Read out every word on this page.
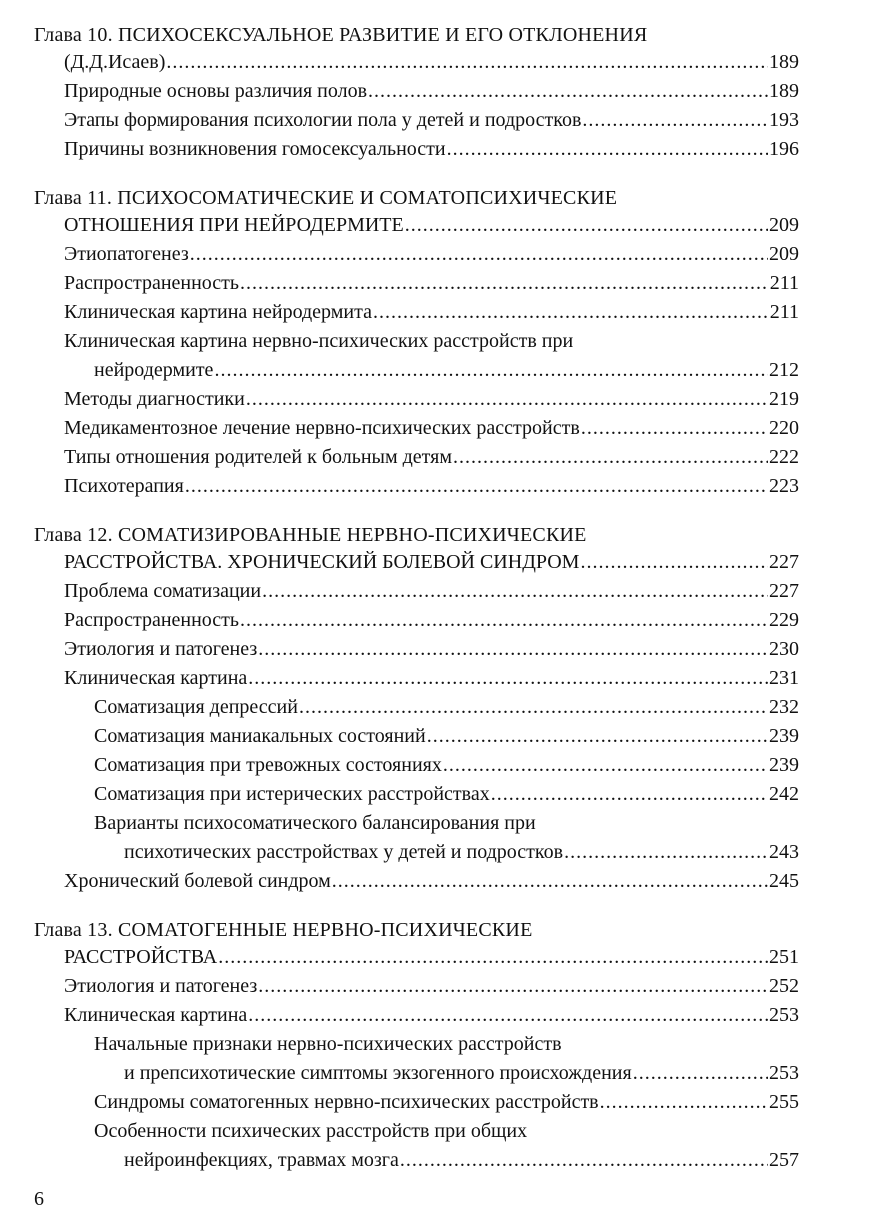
Глава 10. ПСИХОСЕКСУАЛЬНОЕ РАЗВИТИЕ И ЕГО ОТКЛОНЕНИЯ
(Д.Д.Исаев) .....	189
Природные основы различия полов .....	189
Этапы формирования психологии пола у детей и подростков .....	193
Причины возникновения гомосексуальности .....	196
Глава 11. ПСИХОСОМАТИЧЕСКИЕ И СОМАТОПСИХИЧЕСКИЕ
ОТНОШЕНИЯ ПРИ НЕЙРОДЕРМИТЕ .....	209
Этиопатогенез .....	209
Распространенность .....	211
Клиническая картина нейродермита .....	211
Клиническая картина нервно-психических расстройств при
нейродермите .....	212
Методы диагностики .....	219
Медикаментозное лечение нервно-психических расстройств .....	220
Типы отношения родителей к больным детям .....	222
Психотерапия .....	223
Глава 12. СОМАТИЗИРОВАННЫЕ НЕРВНО-ПСИХИЧЕСКИЕ
РАССТРОЙСТВА. ХРОНИЧЕСКИЙ БОЛЕВОЙ СИНДРОМ .....	227
Проблема соматизации .....	227
Распространенность .....	229
Этиология и патогенез .....	230
Клиническая картина .....	231
Соматизация депрессий .....	232
Соматизация маниакальных состояний .....	239
Соматизация при тревожных состояниях .....	239
Соматизация при истерических расстройствах .....	242
Варианты психосоматического балансирования при
психотических расстройствах у детей и подростков .....	243
Хронический болевой синдром .....	245
Глава 13. СОМАТОГЕННЫЕ НЕРВНО-ПСИХИЧЕСКИЕ
РАССТРОЙСТВА .....	251
Этиология и патогенез .....	252
Клиническая картина .....	253
Начальные признаки нервно-психических расстройств
и препсихотические симптомы экзогенного происхождения .....	253
Синдромы соматогенных нервно-психических расстройств .....	255
Особенности психических расстройств при общих
нейроинфекциях, травмах мозга .....	257
6
